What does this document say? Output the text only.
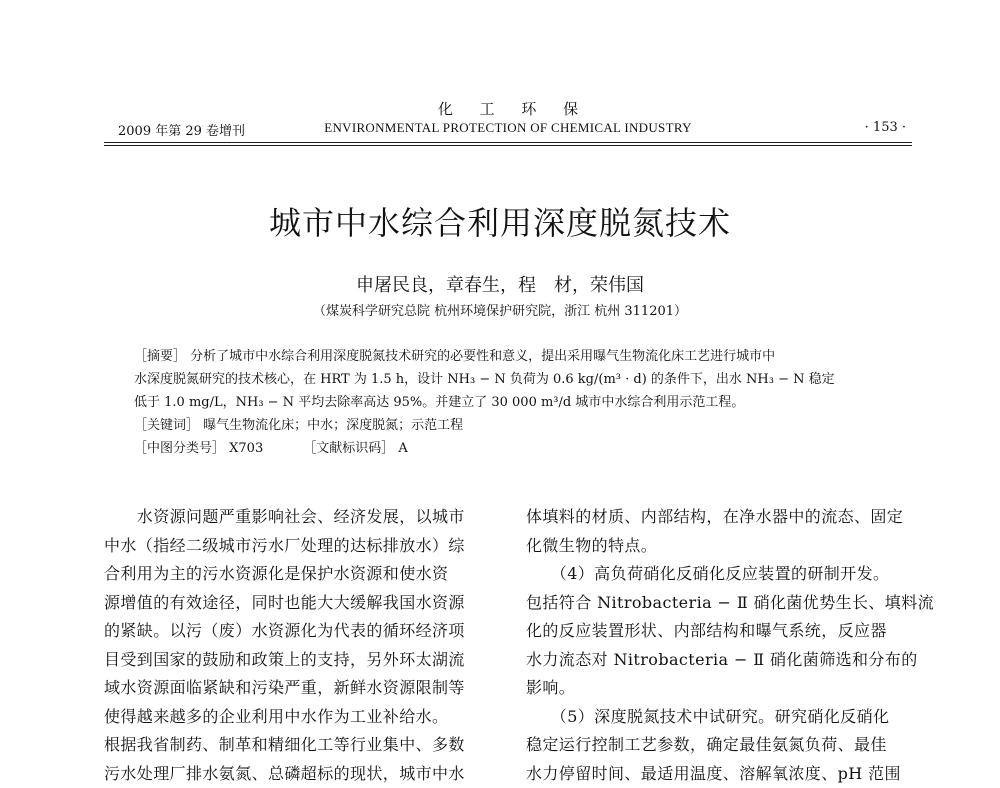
化 工 环 保
2009 年第 29 卷增刊	ENVIRONMENTAL PROTECTION OF CHEMICAL INDUSTRY	· 153 ·
城市中水综合利用深度脱氮技术
申屠民良，章春生，程　材，荣伟国
（煤炭科学研究总院 杭州环境保护研究院，浙江 杭州 311201）
［摘要］ 分析了城市中水综合利用深度脱氮技术研究的必要性和意义，提出采用曝气生物流化床工艺进行城市中
水深度脱氮研究的技术核心，在 HRT 为 1.5 h，设计 NH₃ − N 负荷为 0.6 kg/(m³ · d) 的条件下，出水 NH₃ − N 稳定
低于 1.0 mg/L，NH₃ − N 平均去除率高达 95%。并建立了 30 000 m³/d 城市中水综合利用示范工程。
［关键词］ 曝气生物流化床；中水；深度脱氮；示范工程
［中图分类号］ X703	［文献标识码］ A
　　水资源问题严重影响社会、经济发展，以城市
中水（指经二级城市污水厂处理的达标排放水）综
合利用为主的污水资源化是保护水资源和使水资
源增值的有效途径，同时也能大大缓解我国水资源
的紧缺。以污（废）水资源化为代表的循环经济项
目受到国家的鼓励和政策上的支持，另外环太湖流
域水资源面临紧缺和污染严重，新鲜水资源限制等
使得越来越多的企业利用中水作为工业补给水。
根据我省制药、制革和精细化工等行业集中、多数
污水处理厂排水氨氮、总磷超标的现状，城市中水
体填料的材质、内部结构，在净水器中的流态、固定
化微生物的特点。
　　（4）高负荷硝化反硝化反应装置的研制开发。
包括符合 Nitrobacteria − Ⅱ 硝化菌优势生长、填料流
化的反应装置形状、内部结构和曝气系统，反应器
水力流态对 Nitrobacteria − Ⅱ 硝化菌筛选和分布的
影响。
　　（5）深度脱氮技术中试研究。研究硝化反硝化
稳定运行控制工艺参数，确定最佳氨氮负荷、最佳
水力停留时间、最适用温度、溶解氧浓度、pH 范围
